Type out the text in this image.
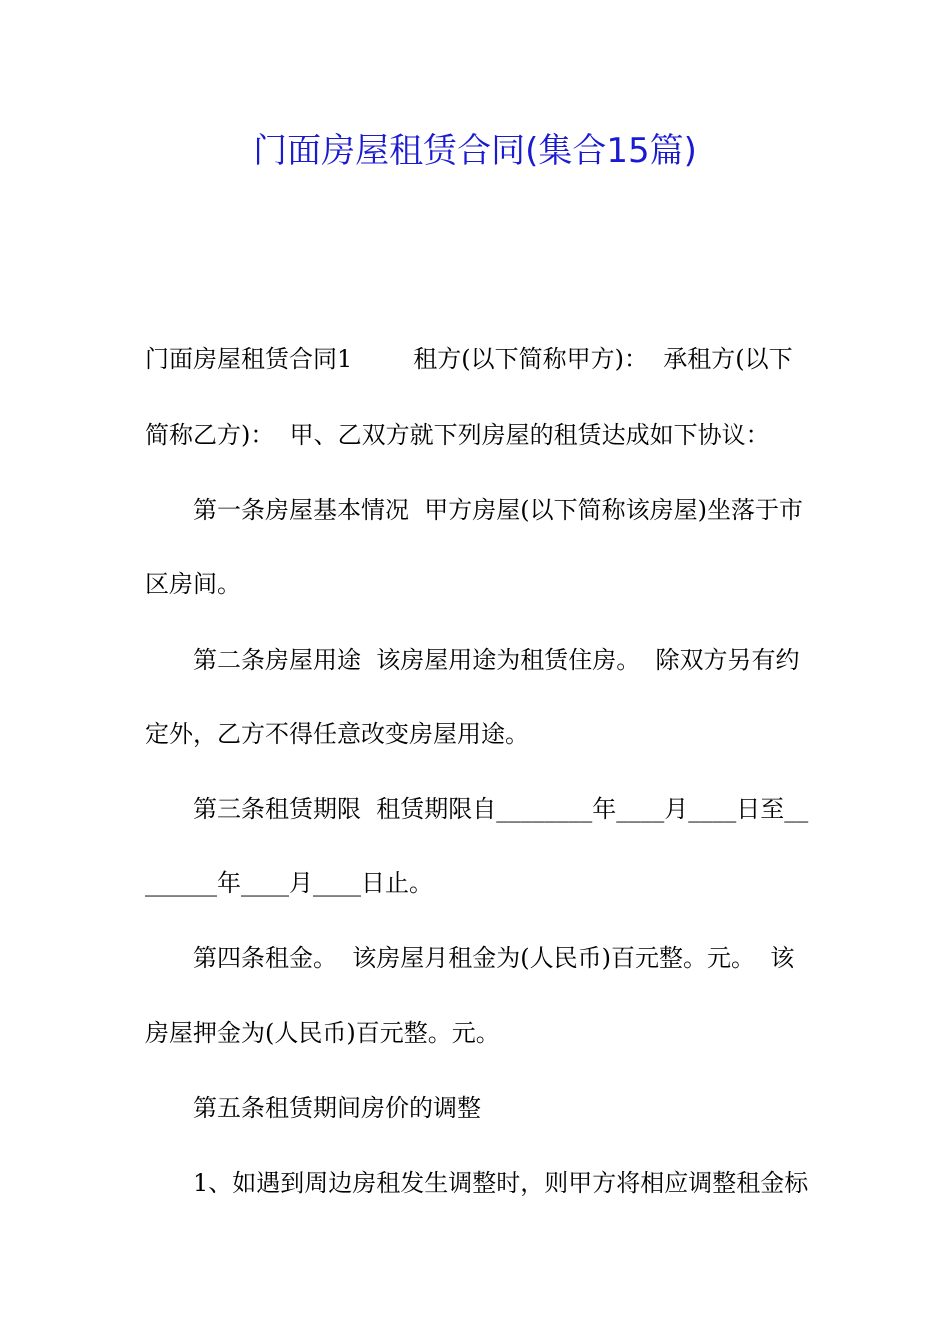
门面房屋租赁合同(集合15篇)
门面房屋租赁合同1        租方(以下简称甲方)：  承租方(以下
简称乙方)：  甲、乙双方就下列房屋的租赁达成如下协议：
第一条房屋基本情况  甲方房屋(以下简称该房屋)坐落于市
区房间。
第二条房屋用途  该房屋用途为租赁住房。  除双方另有约
定外，乙方不得任意改变房屋用途。
第三条租赁期限  租赁期限自________年____月____日至__
______年____月____日止。
第四条租金。  该房屋月租金为(人民币)百元整。元。  该
房屋押金为(人民币)百元整。元。
第五条租赁期间房价的调整
1、如遇到周边房租发生调整时，则甲方将相应调整租金标
